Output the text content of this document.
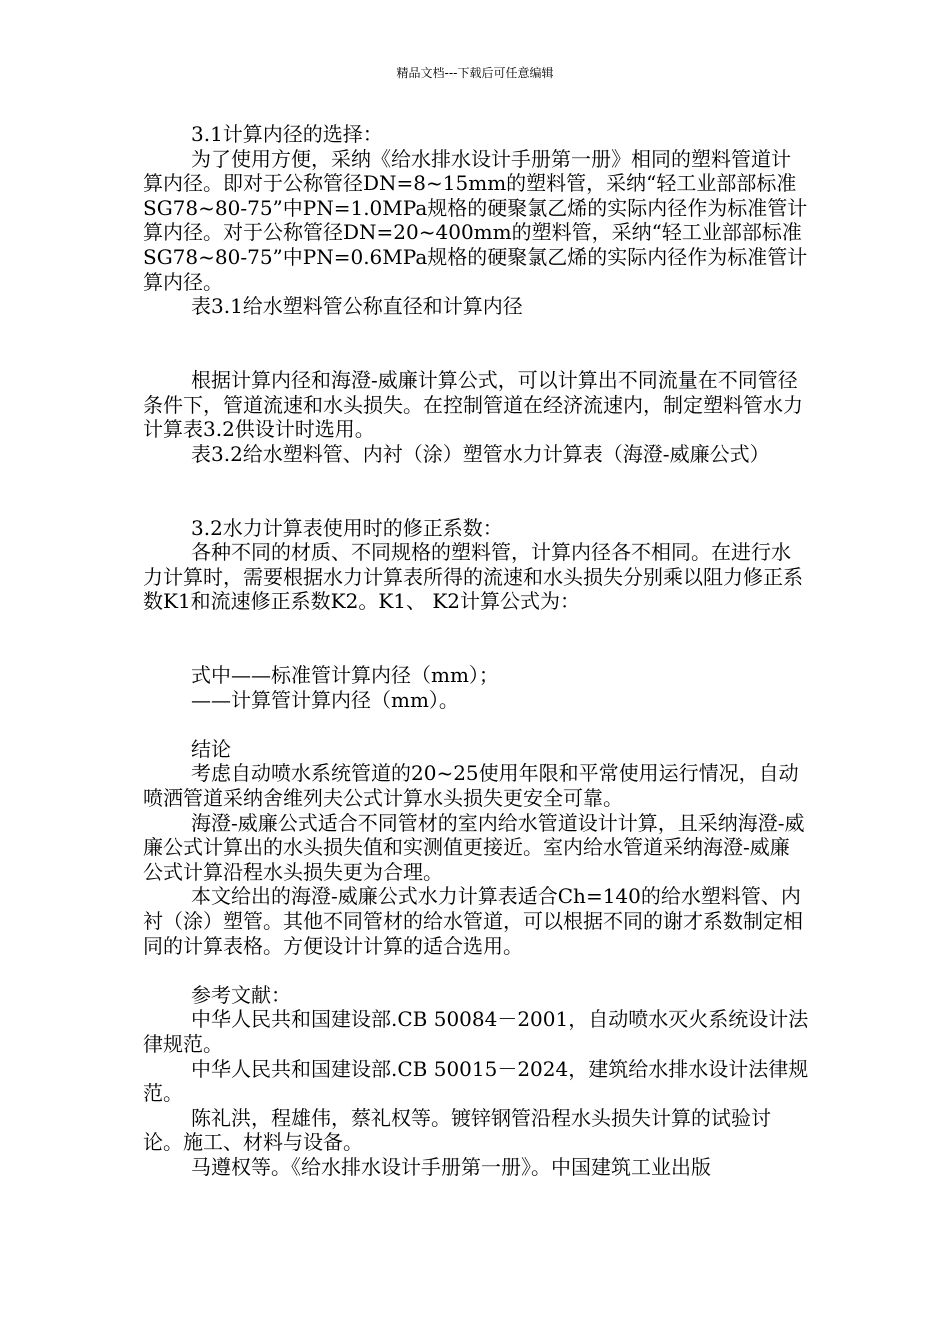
精品文档---下载后可任意编辑

3.1计算内径的选择：

为了使用方便，采纳《给水排水设计手册第一册》相同的塑料管道计算内径。即对于公称管径DN=8~15mm的塑料管，采纳“轻工业部部标准SG78~80-75”中PN=1.0MPa规格的硬聚氯乙烯的实际内径作为标准管计算内径。对于公称管径DN=20~400mm的塑料管，采纳“轻工业部部标准SG78~80-75”中PN=0.6MPa规格的硬聚氯乙烯的实际内径作为标准管计算内径。

表3.1给水塑料管公称直径和计算内径

根据计算内径和海澄-威廉计算公式，可以计算出不同流量在不同管径条件下，管道流速和水头损失。在控制管道在经济流速内，制定塑料管水力计算表3.2供设计时选用。

表3.2给水塑料管、内衬（涂）塑管水力计算表（海澄-威廉公式）

3.2水力计算表使用时的修正系数：

各种不同的材质、不同规格的塑料管，计算内径各不相同。在进行水力计算时，需要根据水力计算表所得的流速和水头损失分别乘以阻力修正系数K1和流速修正系数K2。K1、 K2计算公式为：

式中——标准管计算内径（mm）；

——计算管计算内径（mm）。

结论

考虑自动喷水系统管道的20~25使用年限和平常使用运行情况，自动喷洒管道采纳舍维列夫公式计算水头损失更安全可靠。

海澄-威廉公式适合不同管材的室内给水管道设计计算，且采纳海澄-威廉公式计算出的水头损失值和实测值更接近。室内给水管道采纳海澄-威廉公式计算沿程水头损失更为合理。

本文给出的海澄-威廉公式水力计算表适合Ch=140的给水塑料管、内衬（涂）塑管。其他不同管材的给水管道，可以根据不同的谢才系数制定相同的计算表格。方便设计计算的适合选用。

参考文献：

中华人民共和国建设部.CB 50084－2001，自动喷水灭火系统设计法律规范。

中华人民共和国建设部.CB 50015－2024，建筑给水排水设计法律规范。

陈礼洪，程雄伟，蔡礼权等。镀锌钢管沿程水头损失计算的试验讨论。施工、材料与设备。

马遵权等。《给水排水设计手册第一册》。中国建筑工业出版
